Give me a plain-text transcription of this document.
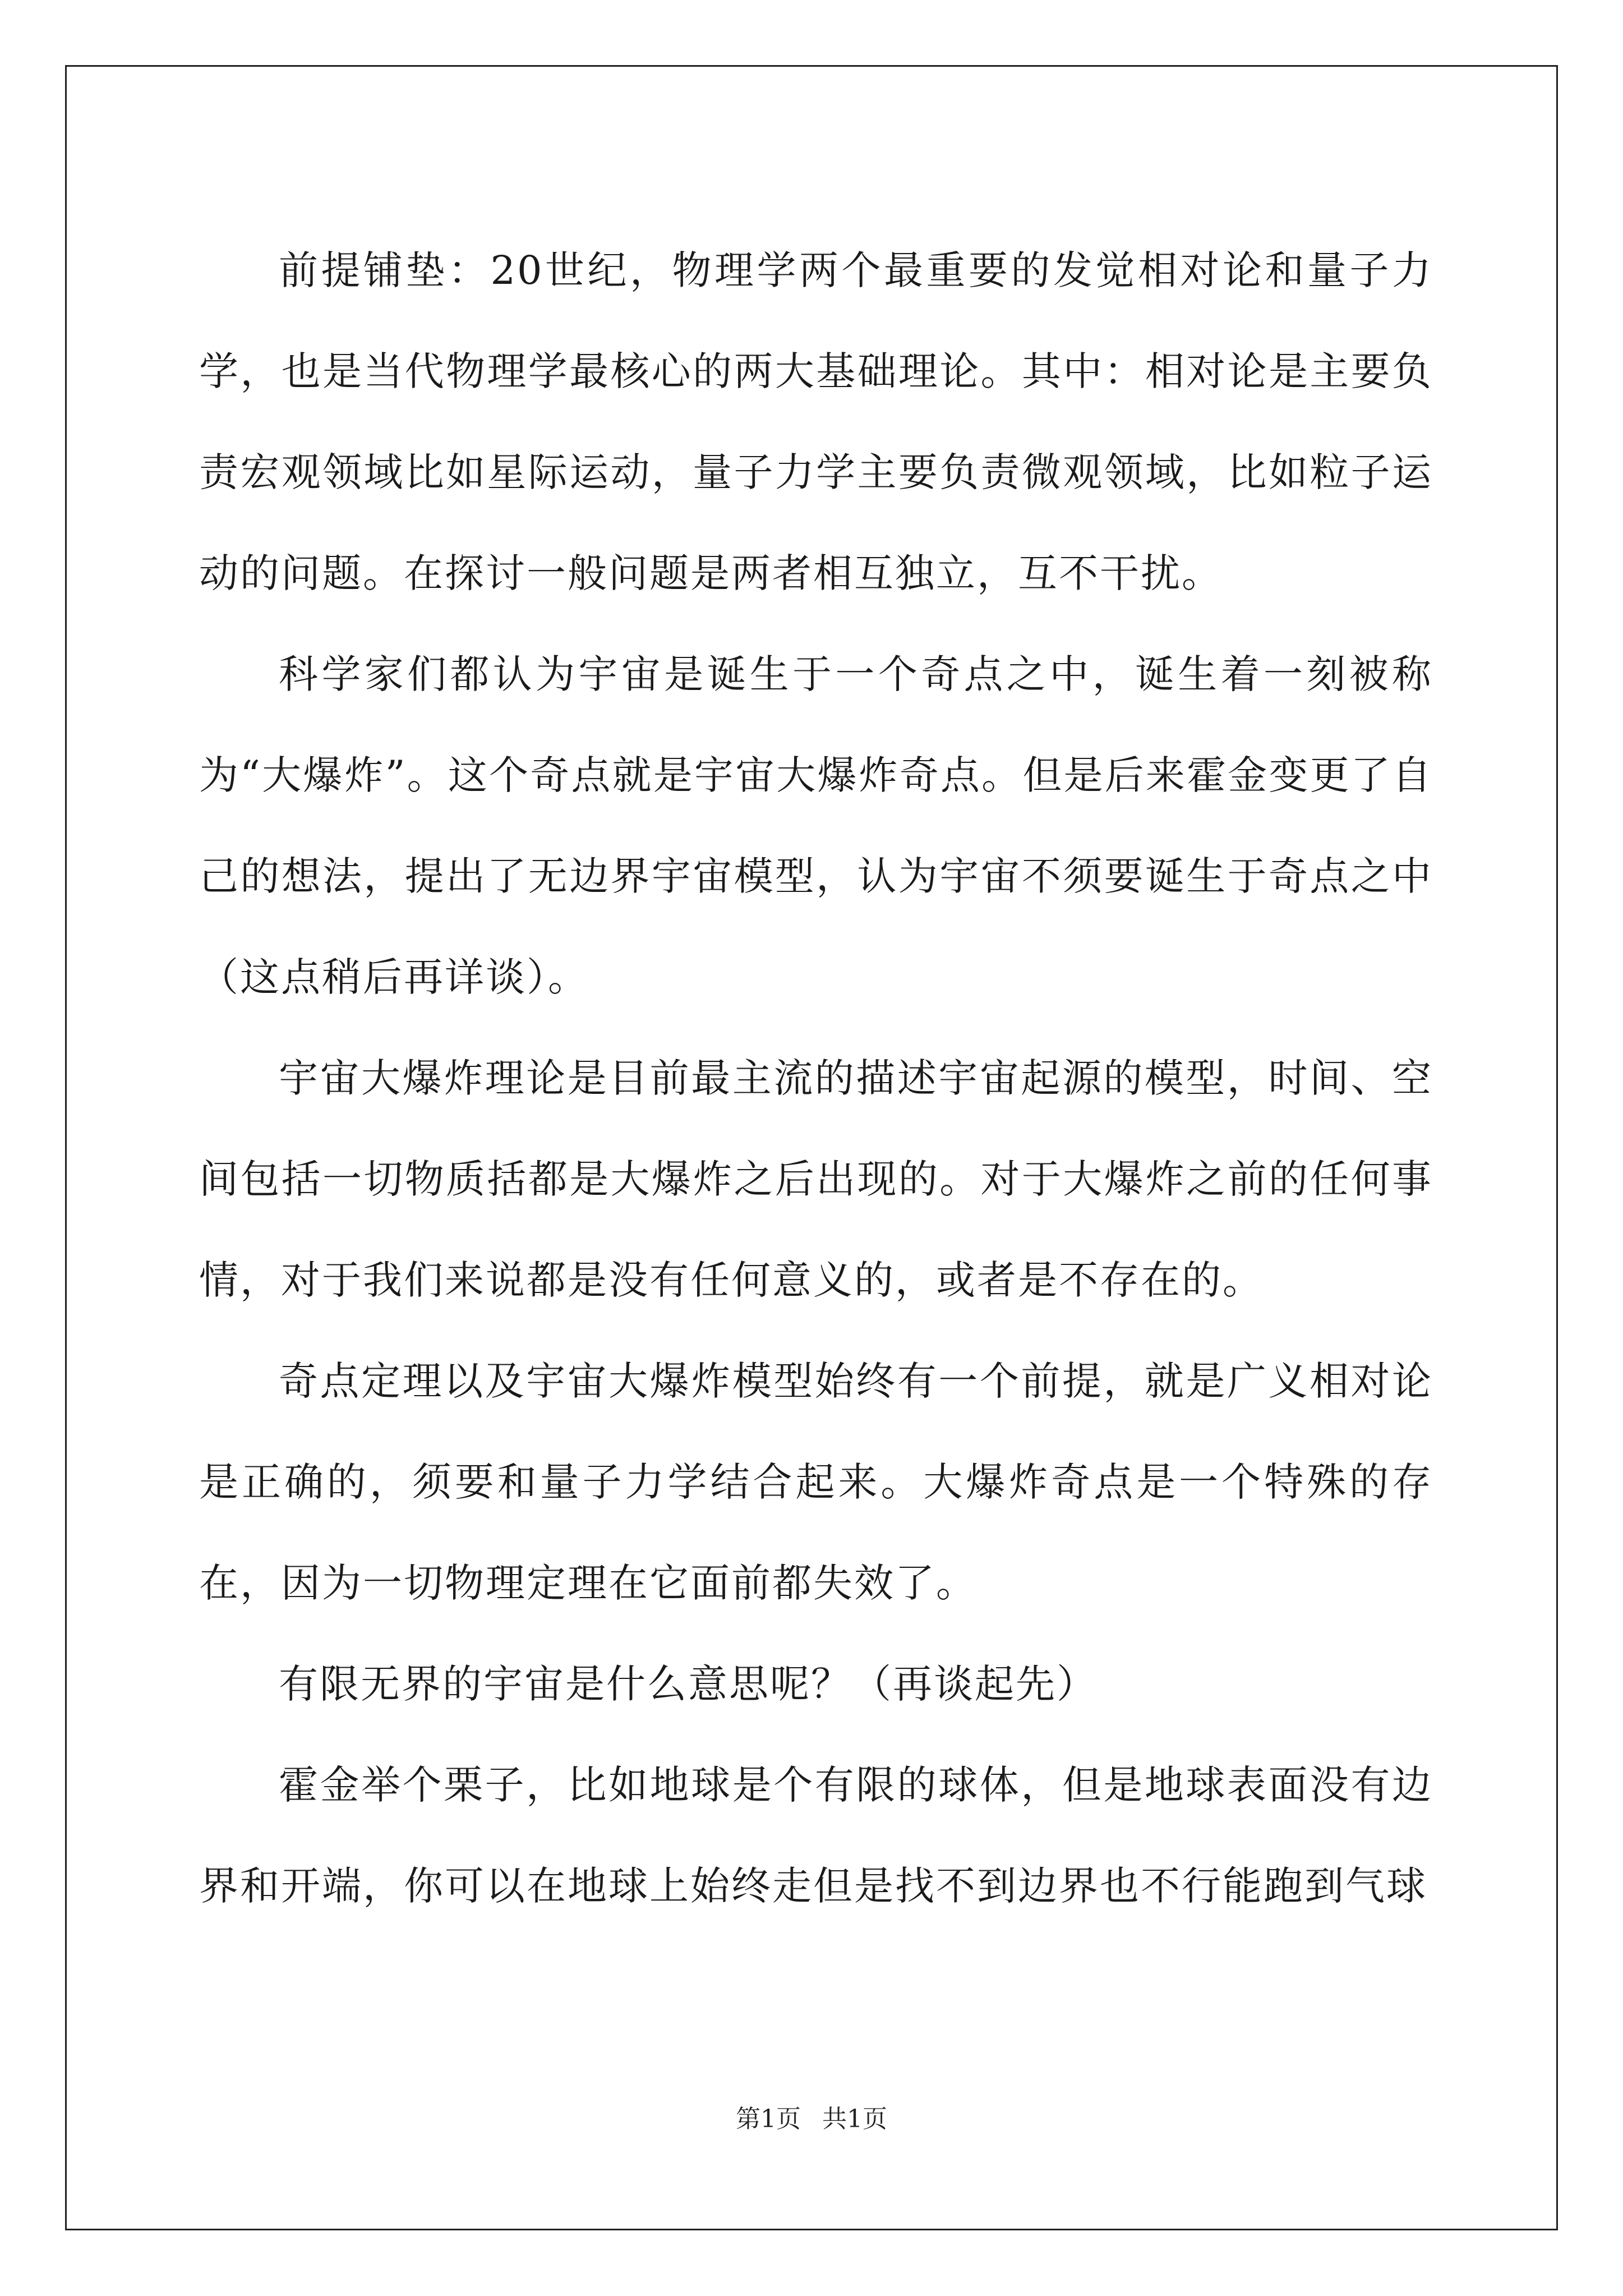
前提铺垫：20世纪，物理学两个最重要的发觉相对论和量子力学，也是当代物理学最核心的两大基础理论。其中：相对论是主要负责宏观领域比如星际运动，量子力学主要负责微观领域，比如粒子运动的问题。在探讨一般问题是两者相互独立，互不干扰。

科学家们都认为宇宙是诞生于一个奇点之中，诞生着一刻被称为“大爆炸”。这个奇点就是宇宙大爆炸奇点。但是后来霍金变更了自己的想法，提出了无边界宇宙模型，认为宇宙不须要诞生于奇点之中（这点稍后再详谈）。

宇宙大爆炸理论是目前最主流的描述宇宙起源的模型，时间、空间包括一切物质括都是大爆炸之后出现的。对于大爆炸之前的任何事情，对于我们来说都是没有任何意义的，或者是不存在的。

奇点定理以及宇宙大爆炸模型始终有一个前提，就是广义相对论是正确的，须要和量子力学结合起来。大爆炸奇点是一个特殊的存在，因为一切物理定理在它面前都失效了。

有限无界的宇宙是什么意思呢？（再谈起先）

霍金举个栗子，比如地球是个有限的球体，但是地球表面没有边界和开端，你可以在地球上始终走但是找不到边界也不行能跑到气球

第1页 共1页
